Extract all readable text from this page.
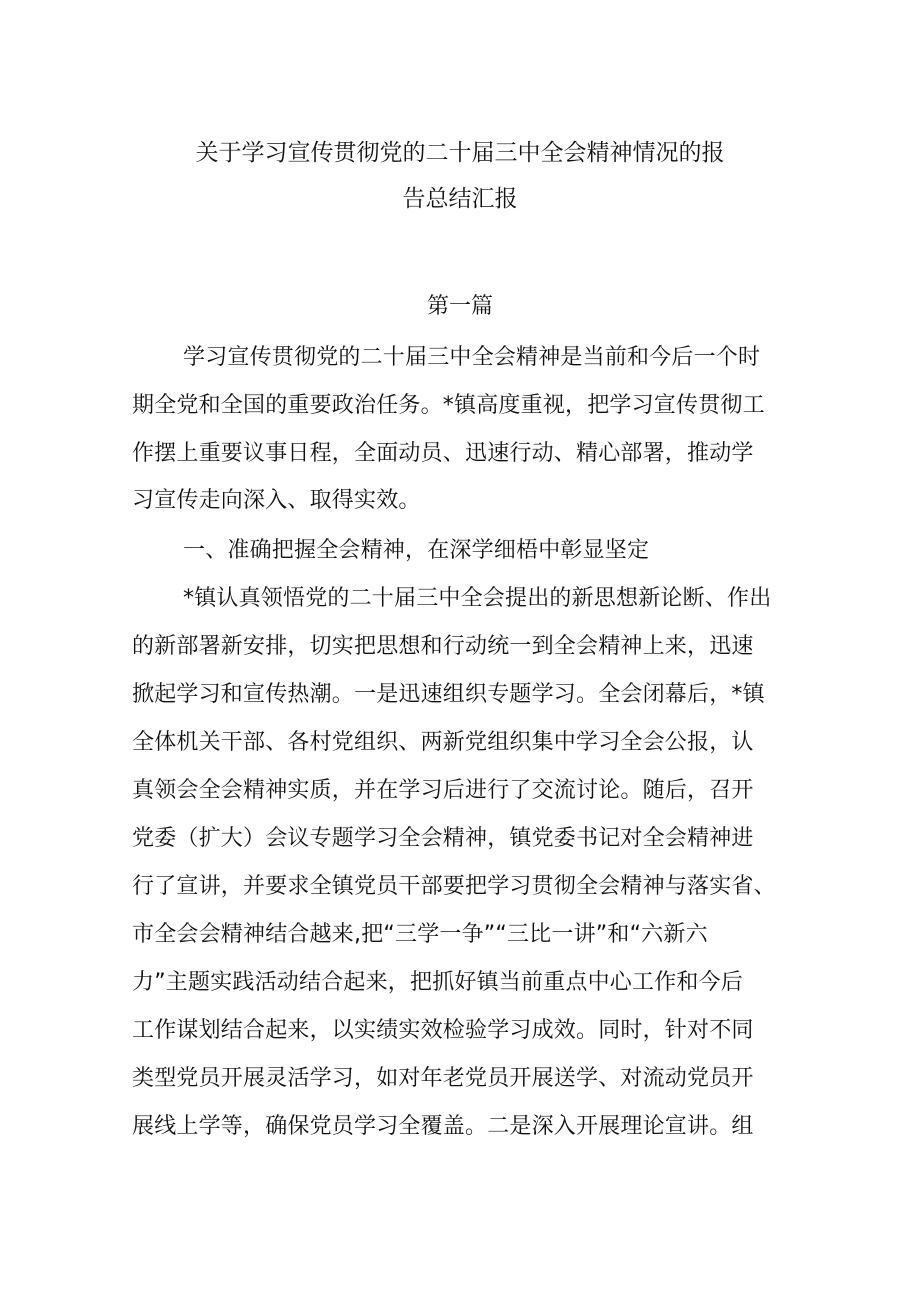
关于学习宣传贯彻党的二十届三中全会精神情况的报
告总结汇报
第一篇
学习宣传贯彻党的二十届三中全会精神是当前和今后一个时
期全党和全国的重要政治任务。*镇高度重视，把学习宣传贯彻工
作摆上重要议事日程，全面动员、迅速行动、精心部署，推动学
习宣传走向深入、取得实效。
一、准确把握全会精神，在深学细梧中彰显坚定
*镇认真领悟党的二十届三中全会提出的新思想新论断、作出
的新部署新安排，切实把思想和行动统一到全会精神上来，迅速
掀起学习和宣传热潮。一是迅速组织专题学习。全会闭幕后，*镇
全体机关干部、各村党组织、两新党组织集中学习全会公报，认
真领会全会精神实质，并在学习后进行了交流讨论。随后，召开
党委（扩大）会议专题学习全会精神，镇党委书记对全会精神进
行了宣讲，并要求全镇党员干部要把学习贯彻全会精神与落实省、
市全会会精神结合越来,把“三学一争”“三比一讲”和“六新六
力”主题实践活动结合起来，把抓好镇当前重点中心工作和今后
工作谋划结合起来，以实绩实效检验学习成效。同时，针对不同
类型党员开展灵活学习，如对年老党员开展送学、对流动党员开
展线上学等，确保党员学习全覆盖。二是深入开展理论宣讲。组
